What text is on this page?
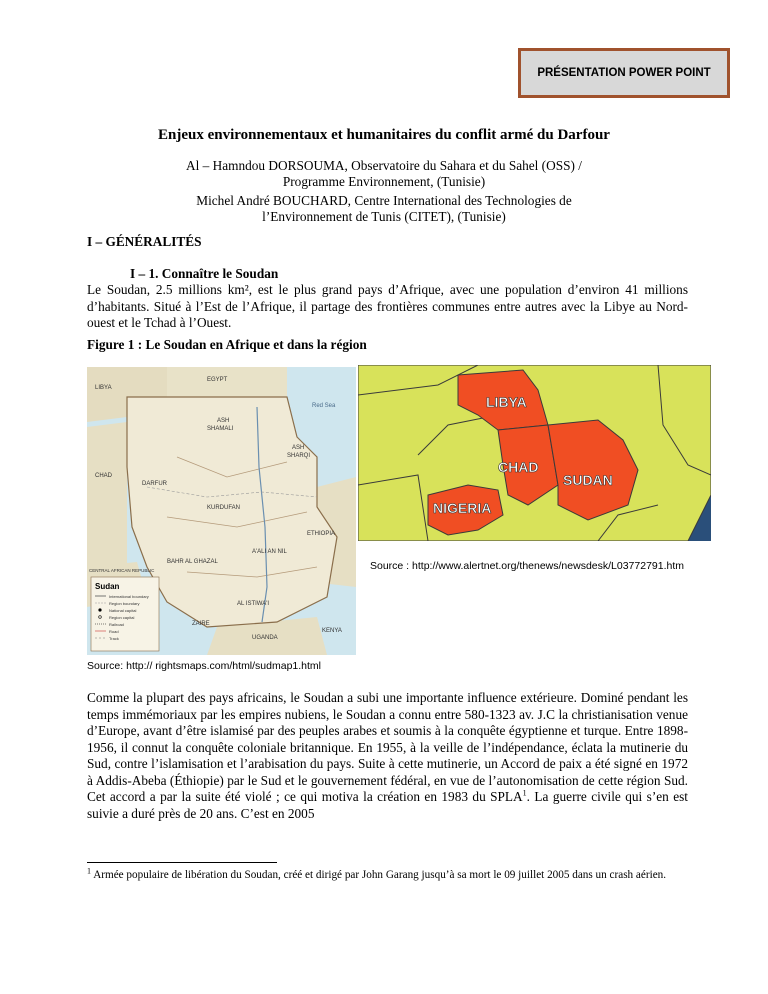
PRÉSENTATION POWER POINT
Enjeux environnementaux et humanitaires du conflit armé du Darfour
Al – Hamndou DORSOUMA, Observatoire du Sahara et du Sahel (OSS) /
Programme Environnement, (Tunisie)
Michel André BOUCHARD, Centre International des Technologies de
l’Environnement de Tunis (CITET), (Tunisie)
I – GÉNÉRALITÉS
I – 1. Connaître le Soudan
Le Soudan, 2.5 millions km², est le plus grand pays d’Afrique, avec une population d’environ 41 millions d’habitants. Situé à l’Est de l’Afrique, il partage des frontières communes entre autres avec la Libye au Nord-ouest et le Tchad à l’Ouest.
Figure 1 : Le Soudan en Afrique et dans la région
EGYPT
LIBYA
Red Sea
ASH
SHAMALI
ASH
SHARQI
CHAD
DARFUR
KURDUFAN
ETHIOPIA
CENTRAL AFRICAN REPUBLIC
A'ALI AN NIL
BAHR AL GHAZAL
AL ISTIWA'I
ZAIRE
UGANDA
KENYA
Sudan
International boundary
Region boundary
National capital
Region capital
Railroad
Road
Track
LIBYA
CHAD
SUDAN
NIGERIA
Source : http://www.alertnet.org/thenews/newsdesk/L03772791.htm
Source: http:// rightsmaps.com/html/sudmap1.html
Comme la plupart des pays africains, le Soudan a subi une importante influence extérieure. Dominé pendant les temps immémoriaux par les empires nubiens, le Soudan a connu entre 580-1323 av. J.C la christianisation venue d’Europe, avant d’être islamisé par des peuples arabes et soumis à la conquête égyptienne et turque. Entre 1898-1956, il connut la conquête coloniale britannique. En 1955, à la veille de l’indépendance, éclata la mutinerie du Sud, contre l’islamisation et l’arabisation du pays. Suite à cette mutinerie, un Accord de paix a été signé en 1972 à Addis-Abeba (Éthiopie) par le Sud et le gouvernement fédéral, en vue de l’autonomisation de cette région Sud. Cet accord a par la suite été violé ; ce qui motiva la création en 1983 du SPLA$^1$. La guerre civile qui s’en est suivie a duré près de 20 ans. C’est en 2005
$^1$ Armée populaire de libération du Soudan, créé et dirigé par John Garang jusqu’à sa mort le 09 juillet 2005 dans un crash aérien.
